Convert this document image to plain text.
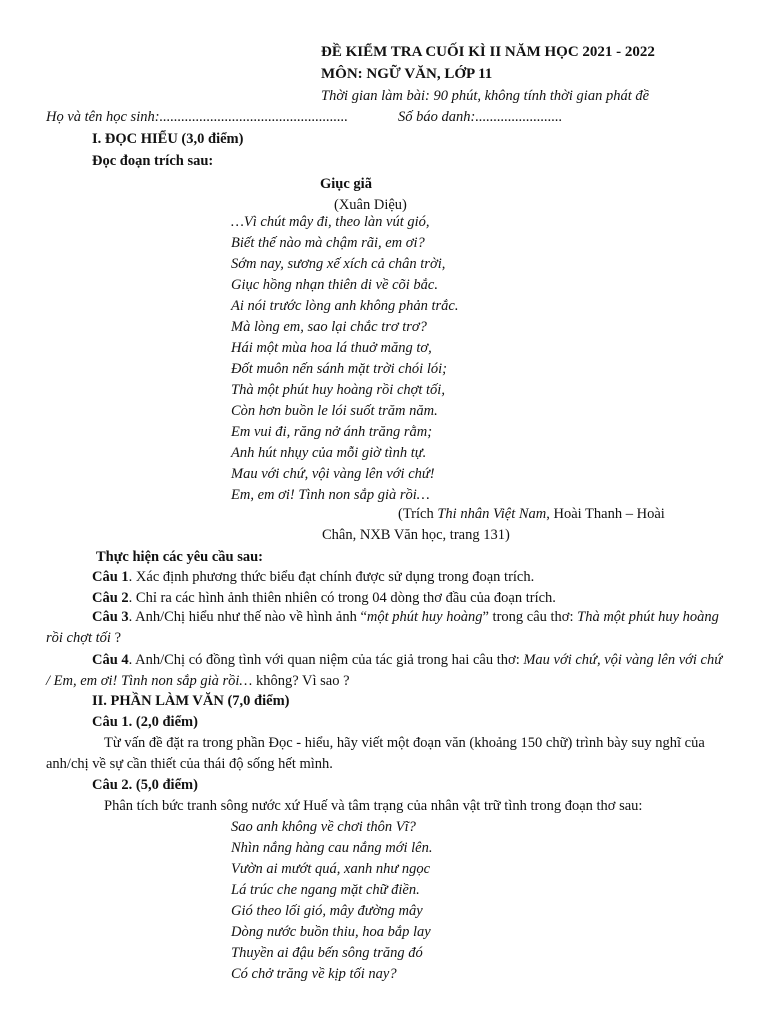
ĐỀ KIỂM TRA CUỐI KÌ II NĂM HỌC 2021 - 2022
MÔN: NGỮ VĂN, LỚP 11
Thời gian làm bài: 90 phút, không tính thời gian phát đề
Họ và tên học sinh:....................................................	Số báo danh:........................
I. ĐỌC HIỂU (3,0 điểm)
Đọc đoạn trích sau:
Giục giã
(Xuân Diệu)
…Vì chút mây đi, theo làn vút gió,
Biết thế nào mà chậm rãi, em ơi?
Sớm nay, sương xế xích cả chân trời,
Giục hồng nhạn thiên di về cõi bắc.
Ai nói trước lòng anh không phản trắc.
Mà lòng em, sao lại chắc trơ trơ?
Hái một mùa hoa lá thuở măng tơ,
Đốt muôn nến sánh mặt trời chói lói;
Thà một phút huy hoàng rồi chợt tối,
Còn hơn buồn le lói suốt trăm năm.
Em vui đi, răng nở ánh trăng rằm;
Anh hút nhụy của mỗi giờ tình tự.
Mau với chứ, vội vàng lên với chứ!
Em, em ơi! Tình non sắp già rồi…
(Trích Thi nhân Việt Nam, Hoài Thanh – Hoài
Chân, NXB Văn học, trang 131)
Thực hiện các yêu cầu sau:
Câu 1. Xác định phương thức biểu đạt chính được sử dụng trong đoạn trích.
Câu 2. Chỉ ra các hình ảnh thiên nhiên có trong 04 dòng thơ đầu của đoạn trích.
Câu 3. Anh/Chị hiểu như thế nào về hình ảnh “một phút huy hoàng” trong câu thơ: Thà một phút huy hoàng rồi chợt tối ?
Câu 4. Anh/Chị có đồng tình với quan niệm của tác giả trong hai câu thơ: Mau với chứ, vội vàng lên với chứ / Em, em ơi! Tình non sắp già rồi… không? Vì sao ?
II. PHẦN LÀM VĂN (7,0 điểm)
Câu 1. (2,0 điểm)
Từ vấn đề đặt ra trong phần Đọc - hiểu, hãy viết một đoạn văn (khoảng 150 chữ) trình bày suy nghĩ của anh/chị về sự cần thiết của thái độ sống hết mình.
Câu 2. (5,0 điểm)
Phân tích bức tranh sông nước xứ Huế và tâm trạng của nhân vật trữ tình trong đoạn thơ sau:
Sao anh không về chơi thôn Vĩ?
Nhìn nắng hàng cau nắng mới lên.
Vườn ai mướt quá, xanh như ngọc
Lá trúc che ngang mặt chữ điền.
Gió theo lối gió, mây đường mây
Dòng nước buồn thiu, hoa bắp lay
Thuyền ai đậu bến sông trăng đó
Có chở trăng về kịp tối nay?
